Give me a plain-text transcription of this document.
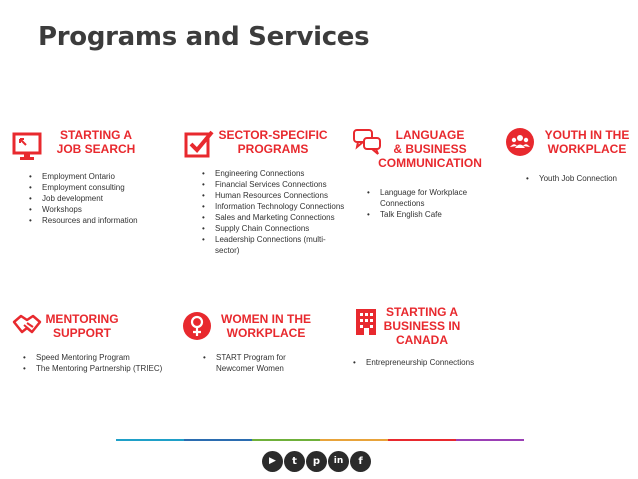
Programs and Services
STARTING A
JOB SEARCH
• Employment Ontario
• Employment consulting
• Job development
• Workshops
• Resources and information
SECTOR-SPECIFIC
PROGRAMS
• Engineering Connections
• Financial Services Connections
• Human Resources Connections
• Information Technology Connections
• Sales and Marketing Connections
• Supply Chain Connections
• Leadership Connections (multi-sector)
LANGUAGE
& BUSINESS
COMMUNICATION
• Language for Workplace Connections
• Talk English Cafe
YOUTH IN THE
WORKPLACE
• Youth Job Connection
MENTORING
SUPPORT
• Speed Mentoring Program
• The Mentoring Partnership (TRIEC)
WOMEN IN THE
WORKPLACE
• START Program for Newcomer Women
STARTING A
BUSINESS IN
CANADA
• Entrepreneurship Connections
▶	t	p	in	f
